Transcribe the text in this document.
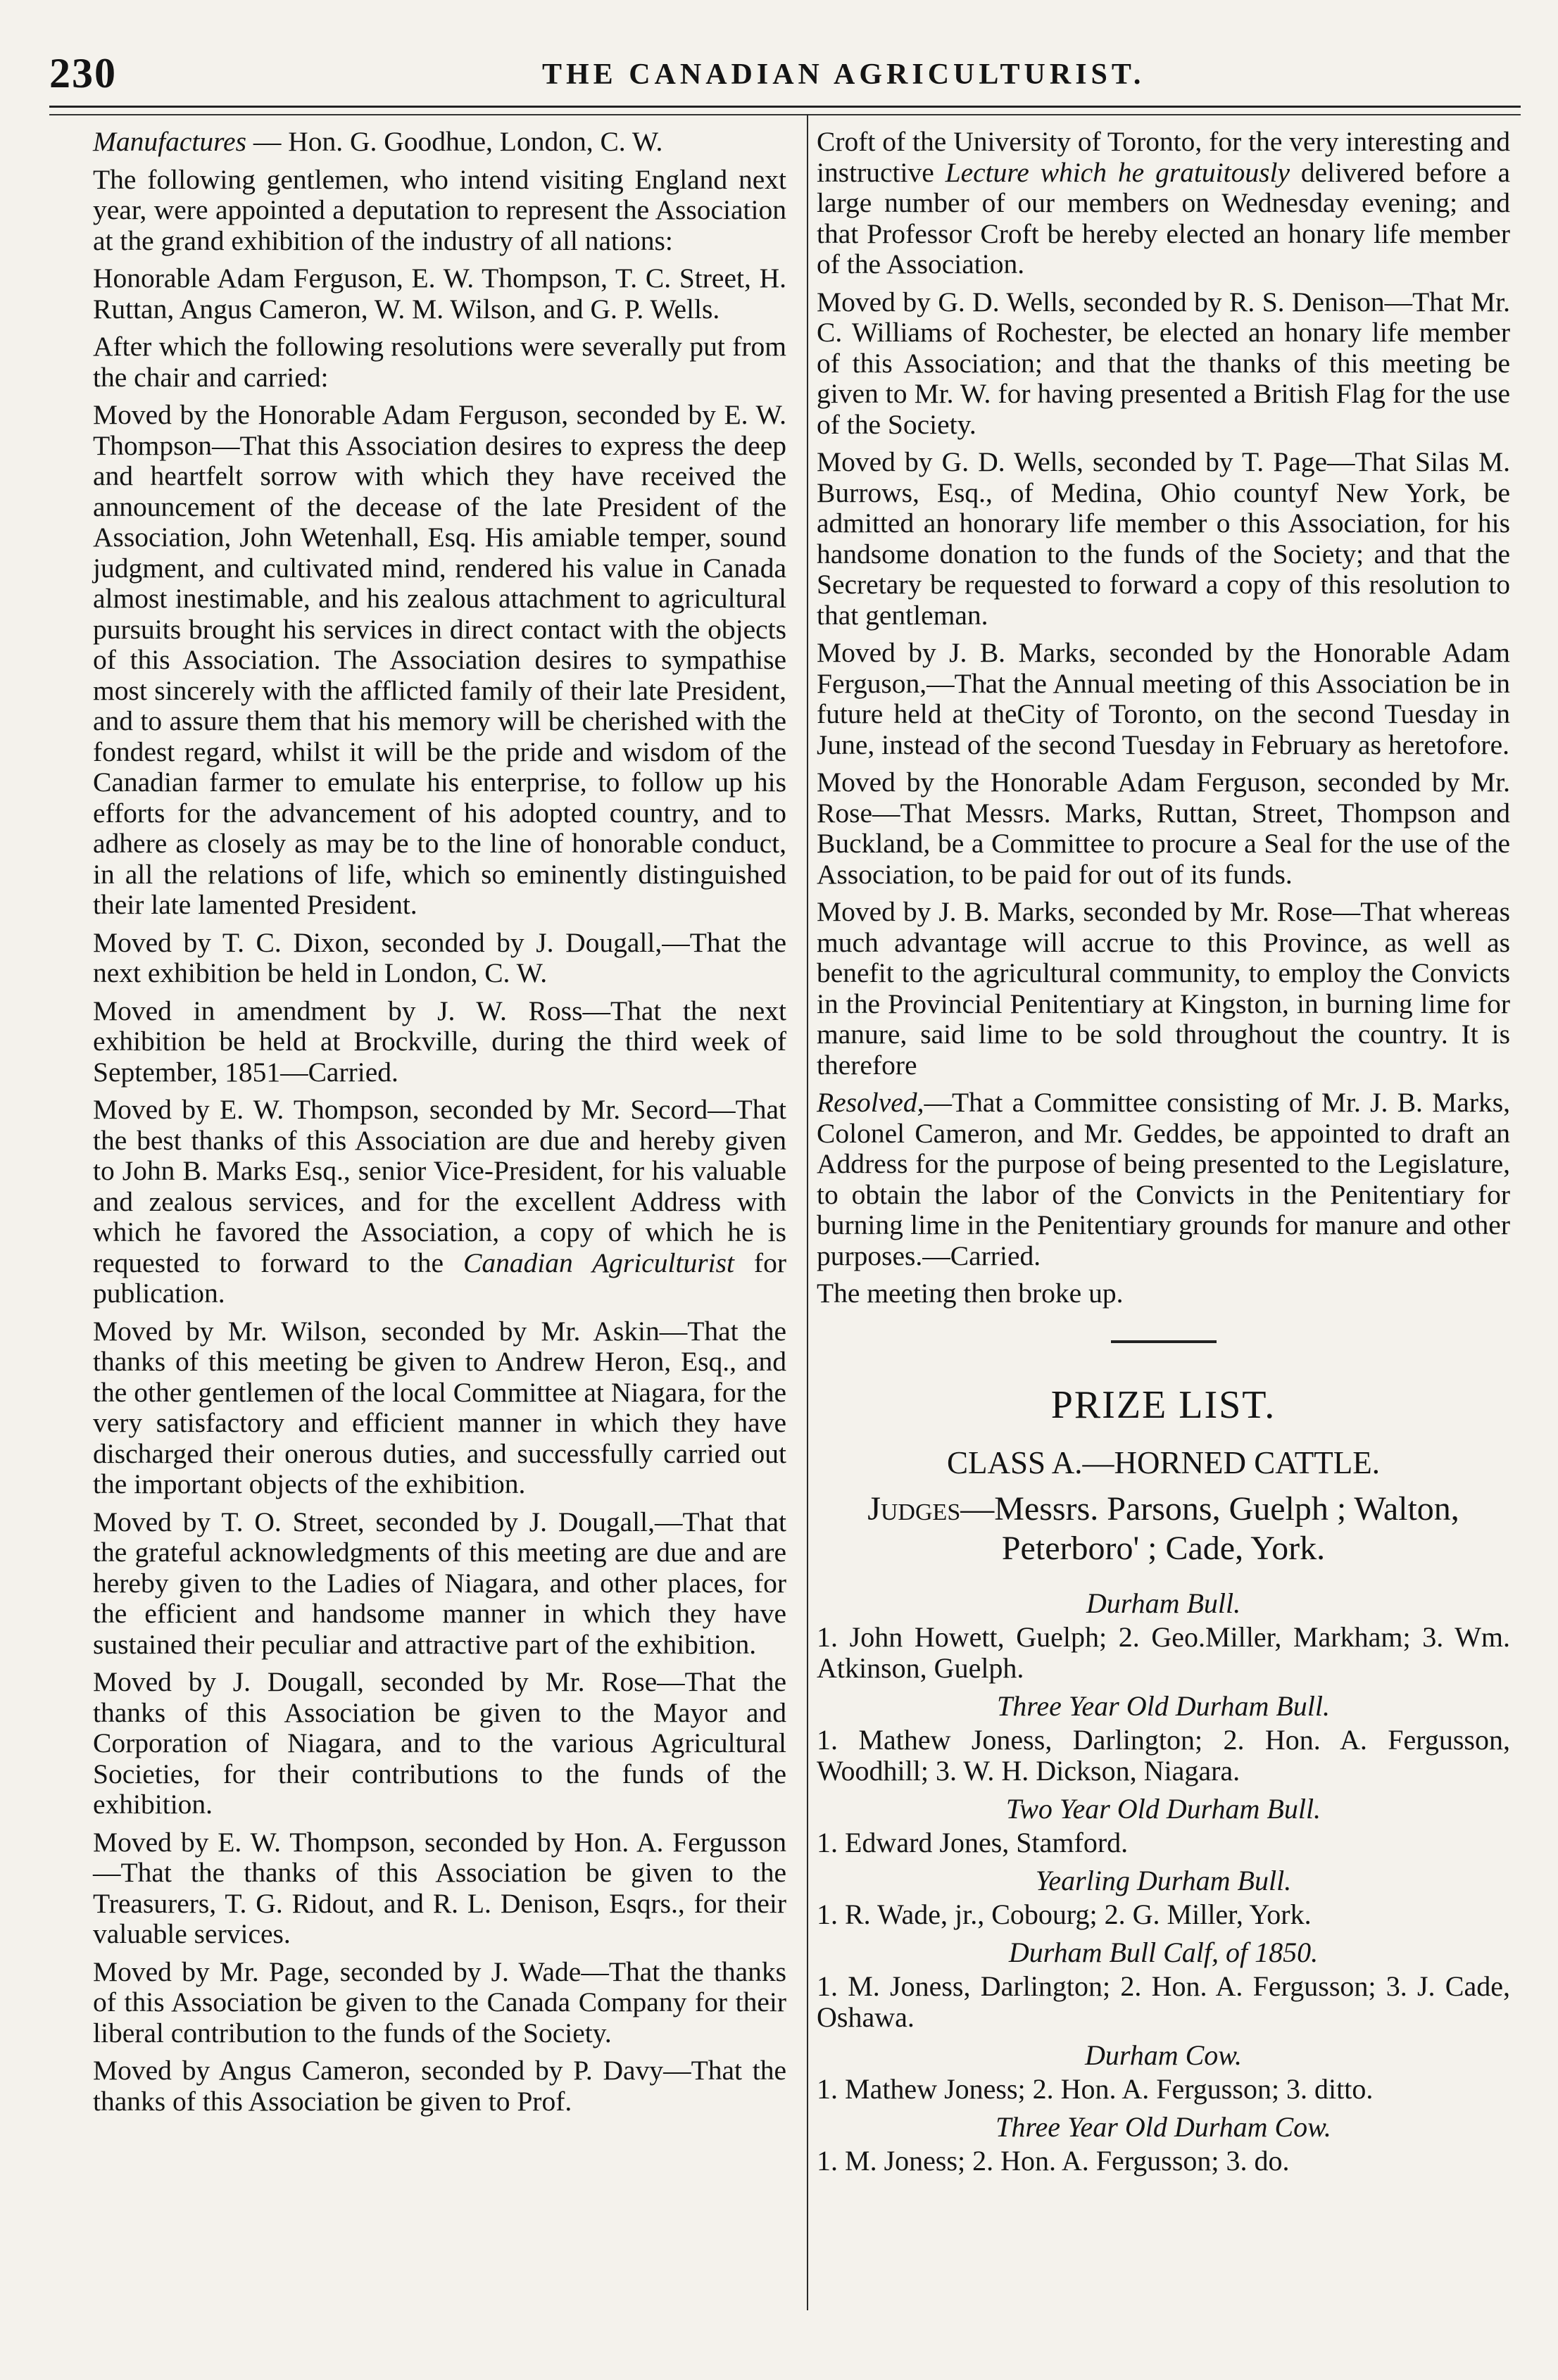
230	THE CANADIAN AGRICULTURIST.

Manufactures — Hon. G. Goodhue, London, C. W.

The following gentlemen, who intend visiting England next year, were appointed a deputation to represent the Association at the grand exhibition of the industry of all nations:

Honorable Adam Ferguson, E. W. Thompson, T. C. Street, H. Ruttan, Angus Cameron, W. M. Wilson, and G. P. Wells.

After which the following resolutions were severally put from the chair and carried:

Moved by the Honorable Adam Ferguson, seconded by E. W. Thompson—That this Association desires to express the deep and heartfelt sorrow with which they have received the announcement of the decease of the late President of the Association, John Wetenhall, Esq. His amiable temper, sound judgment, and cultivated mind, rendered his value in Canada almost inestimable, and his zealous attachment to agricultural pursuits brought his services in direct contact with the objects of this Association. The Association desires to sympathise most sincerely with the afflicted family of their late President, and to assure them that his memory will be cherished with the fondest regard, whilst it will be the pride and wisdom of the Canadian farmer to emulate his enterprise, to follow up his efforts for the advancement of his adopted country, and to adhere as closely as may be to the line of honorable conduct, in all the relations of life, which so eminently distinguished their late lamented President.

Moved by T. C. Dixon, seconded by J. Dougall,—That the next exhibition be held in London, C. W.

Moved in amendment by J. W. Ross—That the next exhibition be held at Brockville, during the third week of September, 1851—Carried.

Moved by E. W. Thompson, seconded by Mr. Secord—That the best thanks of this Association are due and hereby given to John B. Marks Esq., senior Vice-President, for his valuable and zealous services, and for the excellent Address with which he favored the Association, a copy of which he is requested to forward to the Canadian Agriculturist for publication.

Moved by Mr. Wilson, seconded by Mr. Askin—That the thanks of this meeting be given to Andrew Heron, Esq., and the other gentlemen of the local Committee at Niagara, for the very satisfactory and efficient manner in which they have discharged their onerous duties, and successfully carried out the important objects of the exhibition.

Moved by T. O. Street, seconded by J. Dougall,—That that the grateful acknowledgments of this meeting are due and are hereby given to the Ladies of Niagara, and other places, for the efficient and handsome manner in which they have sustained their peculiar and attractive part of the exhibition.

Moved by J. Dougall, seconded by Mr. Rose—That the thanks of this Association be given to the Mayor and Corporation of Niagara, and to the various Agricultural Societies, for their contributions to the funds of the exhibition.

Moved by E. W. Thompson, seconded by Hon. A. Fergusson—That the thanks of this Association be given to the Treasurers, T. G. Ridout, and R. L. Denison, Esqrs., for their valuable services.

Moved by Mr. Page, seconded by J. Wade—That the thanks of this Association be given to the Canada Company for their liberal contribution to the funds of the Society.

Moved by Angus Cameron, seconded by P. Davy—That the thanks of this Association be given to Prof.

Croft of the University of Toronto, for the very interesting and instructive Lecture which he gratuitously delivered before a large number of our members on Wednesday evening; and that Professor Croft be hereby elected an honary life member of the Association.

Moved by G. D. Wells, seconded by R. S. Denison—That Mr. C. Williams of Rochester, be elected an honary life member of this Association; and that the thanks of this meeting be given to Mr. W. for having presented a British Flag for the use of the Society.

Moved by G. D. Wells, seconded by T. Page—That Silas M. Burrows, Esq., of Medina, Ohio countyf New York, be admitted an honorary life member o this Association, for his handsome donation to the funds of the Society; and that the Secretary be requested to forward a copy of this resolution to that gentleman.

Moved by J. B. Marks, seconded by the Honorable Adam Ferguson,—That the Annual meeting of this Association be in future held at theCity of Toronto, on the second Tuesday in June, instead of the second Tuesday in February as heretofore.

Moved by the Honorable Adam Ferguson, seconded by Mr. Rose—That Messrs. Marks, Ruttan, Street, Thompson and Buckland, be a Committee to procure a Seal for the use of the Association, to be paid for out of its funds.

Moved by J. B. Marks, seconded by Mr. Rose—That whereas much advantage will accrue to this Province, as well as benefit to the agricultural community, to employ the Convicts in the Provincial Penitentiary at Kingston, in burning lime for manure, said lime to be sold throughout the country. It is therefore

Resolved,—That a Committee consisting of Mr. J. B. Marks, Colonel Cameron, and Mr. Geddes, be appointed to draft an Address for the purpose of being presented to the Legislature, to obtain the labor of the Convicts in the Penitentiary for burning lime in the Penitentiary grounds for manure and other purposes.—Carried.

The meeting then broke up.

PRIZE LIST.
CLASS A.—HORNED CATTLE.
Judges—Messrs. Parsons, Guelph ; Walton, Peterboro' ; Cade, York.
Durham Bull.

1. John Howett, Guelph; 2. Geo.Miller, Markham; 3. Wm. Atkinson, Guelph.

Three Year Old Durham Bull.

1. Mathew Joness, Darlington; 2. Hon. A. Fergusson, Woodhill; 3. W. H. Dickson, Niagara.

Two Year Old Durham Bull.

1. Edward Jones, Stamford.

Yearling Durham Bull.

1. R. Wade, jr., Cobourg; 2. G. Miller, York.

Durham Bull Calf, of 1850.

1. M. Joness, Darlington; 2. Hon. A. Fergusson; 3. J. Cade, Oshawa.

Durham Cow.

1. Mathew Joness; 2. Hon. A. Fergusson; 3. ditto.

Three Year Old Durham Cow.

1. M. Joness; 2. Hon. A. Fergusson; 3. do.
